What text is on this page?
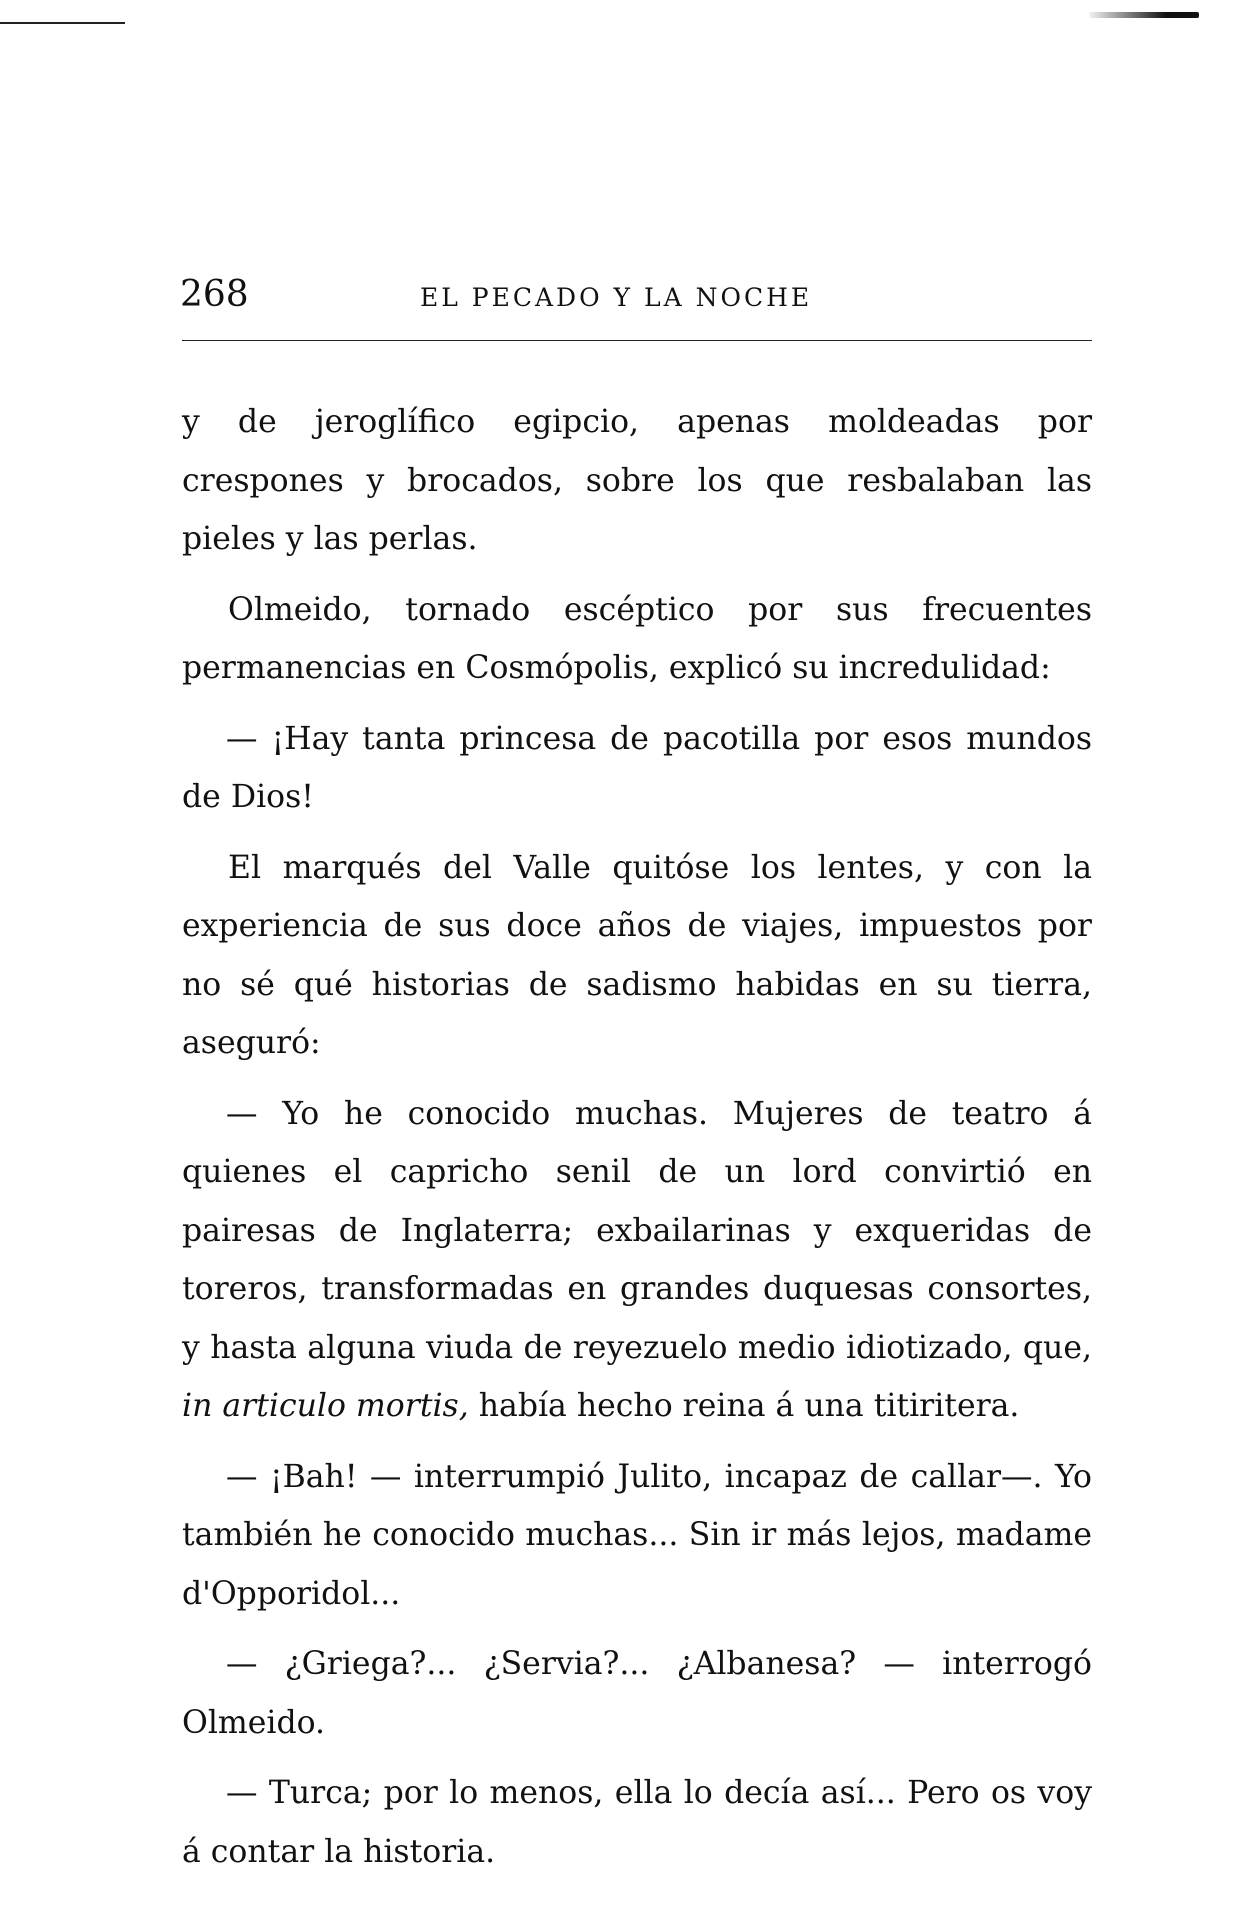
268	EL PECADO Y LA NOCHE

y de jeroglífico egipcio, apenas moldeadas por crespones y brocados, sobre los que resbalaban las pieles y las perlas.

Olmeido, tornado escéptico por sus frecuentes permanencias en Cosmópolis, explicó su incredulidad:

— ¡Hay tanta princesa de pacotilla por esos mundos de Dios!

El marqués del Valle quitóse los lentes, y con la experiencia de sus doce años de viajes, impuestos por no sé qué historias de sadismo habidas en su tierra, aseguró:

— Yo he conocido muchas. Mujeres de teatro á quienes el capricho senil de un lord convirtió en pairesas de Inglaterra; exbailarinas y exqueridas de toreros, transformadas en grandes duquesas consortes, y hasta alguna viuda de reyezuelo medio idiotizado, que, in articulo mortis, había hecho reina á una titiritera.

— ¡Bah! — interrumpió Julito, incapaz de callar—. Yo también he conocido muchas... Sin ir más lejos, madame d'Opporidol...

— ¿Griega?... ¿Servia?... ¿Albanesa? — interrogó Olmeido.

— Turca; por lo menos, ella lo decía así... Pero os voy á contar la historia.
